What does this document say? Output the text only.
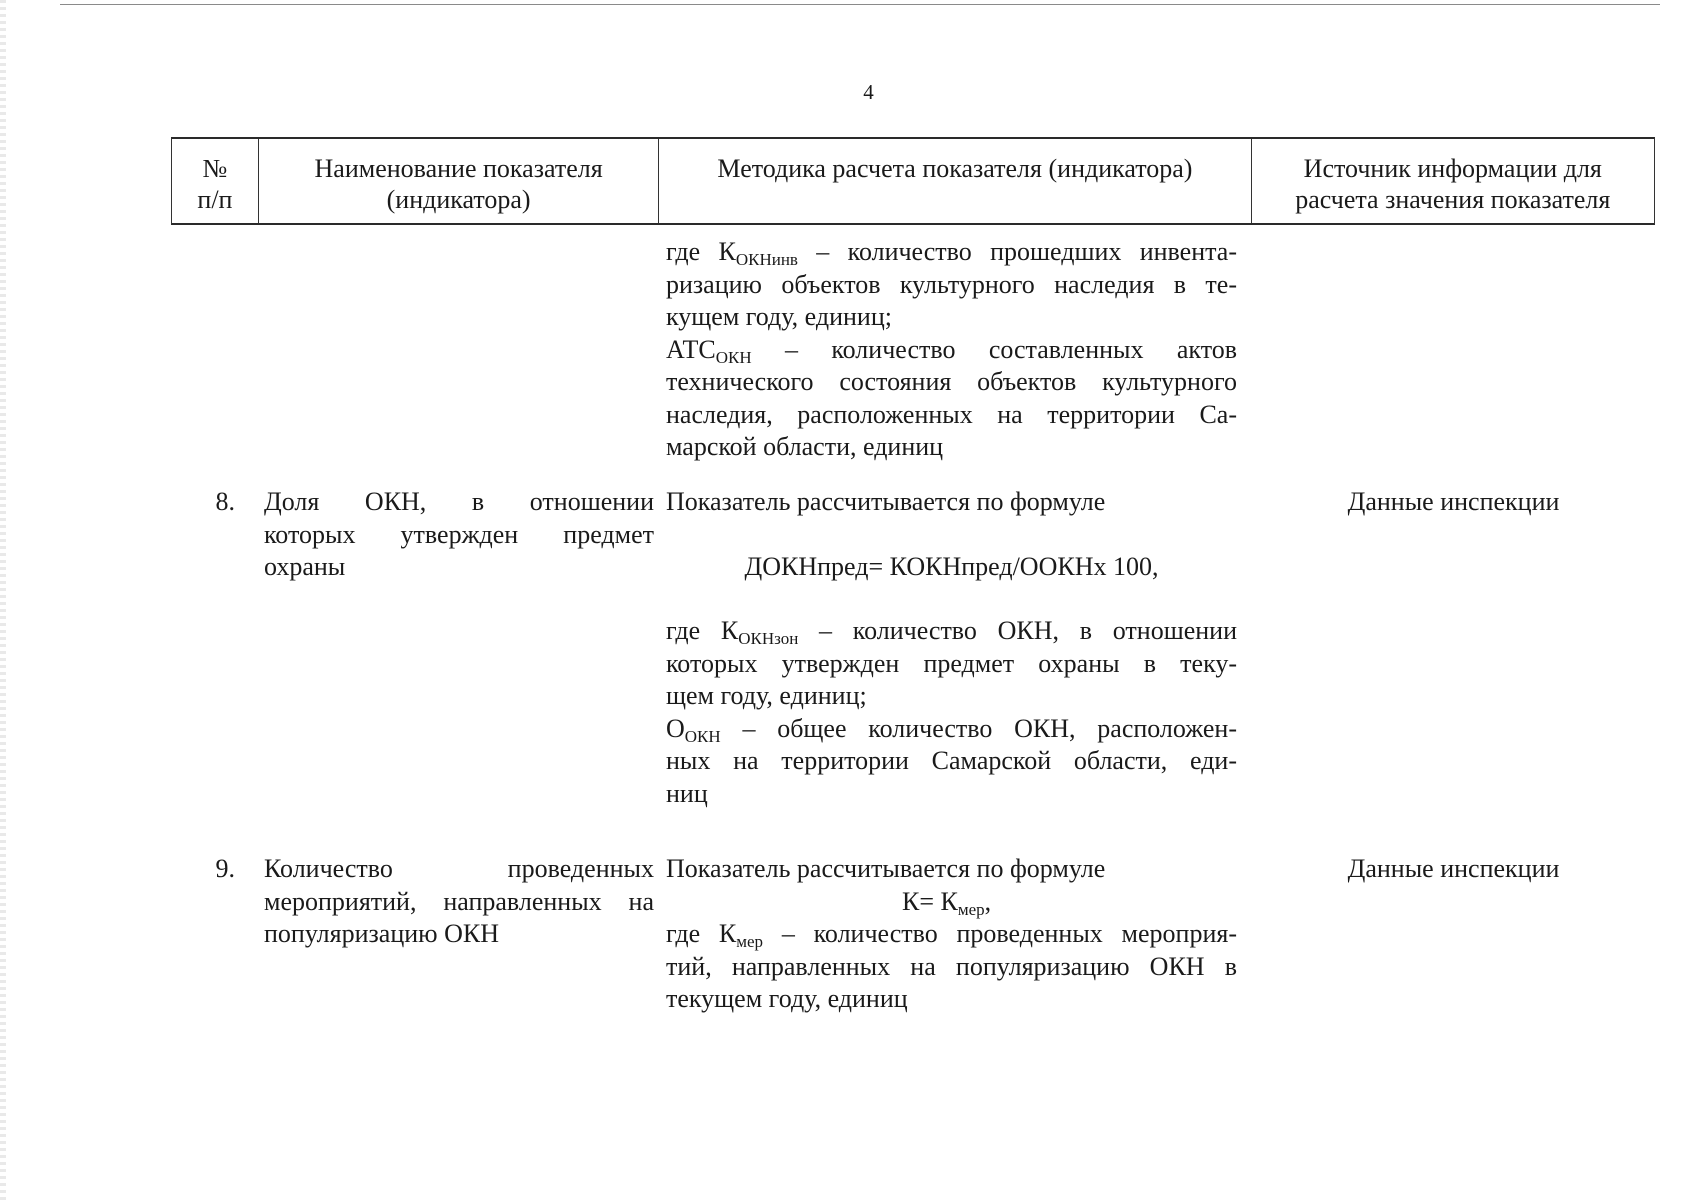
4
№
п/п
Наименование показателя
(индикатора)
Методика расчета показателя (индикатора)	Источник информации для
расчета значения показателя
где $К_{ОКНинв}$ – количество прошедших инвента-
ризацию объектов культурного наследия в те-
кущем году, единиц;
$АТС_{ОКН}$ – количество составленных актов
технического состояния объектов культурного
наследия, расположенных на территории Са-
марской области, единиц
8. Доля ОКН, в отношении
которых утвержден предмет
охраны
Показатель рассчитывается по формуле
ДОКНпред= КОКНпред/ООКНх 100,
где $К_{ОКНзон}$ – количество ОКН, в отношении
которых утвержден предмет охраны в теку-
щем году, единиц;
$О_{ОКН}$ – общее количество ОКН, расположен-
ных на территории Самарской области, еди-
ниц
Данные инспекции
9. Количество проведенных
мероприятий, направленных на
популяризацию ОКН
Показатель рассчитывается по формуле
$К= К_{мер}$,
где $К_{мер}$ – количество проведенных мероприя-
тий, направленных на популяризацию ОКН в
текущем году, единиц
Данные инспекции
